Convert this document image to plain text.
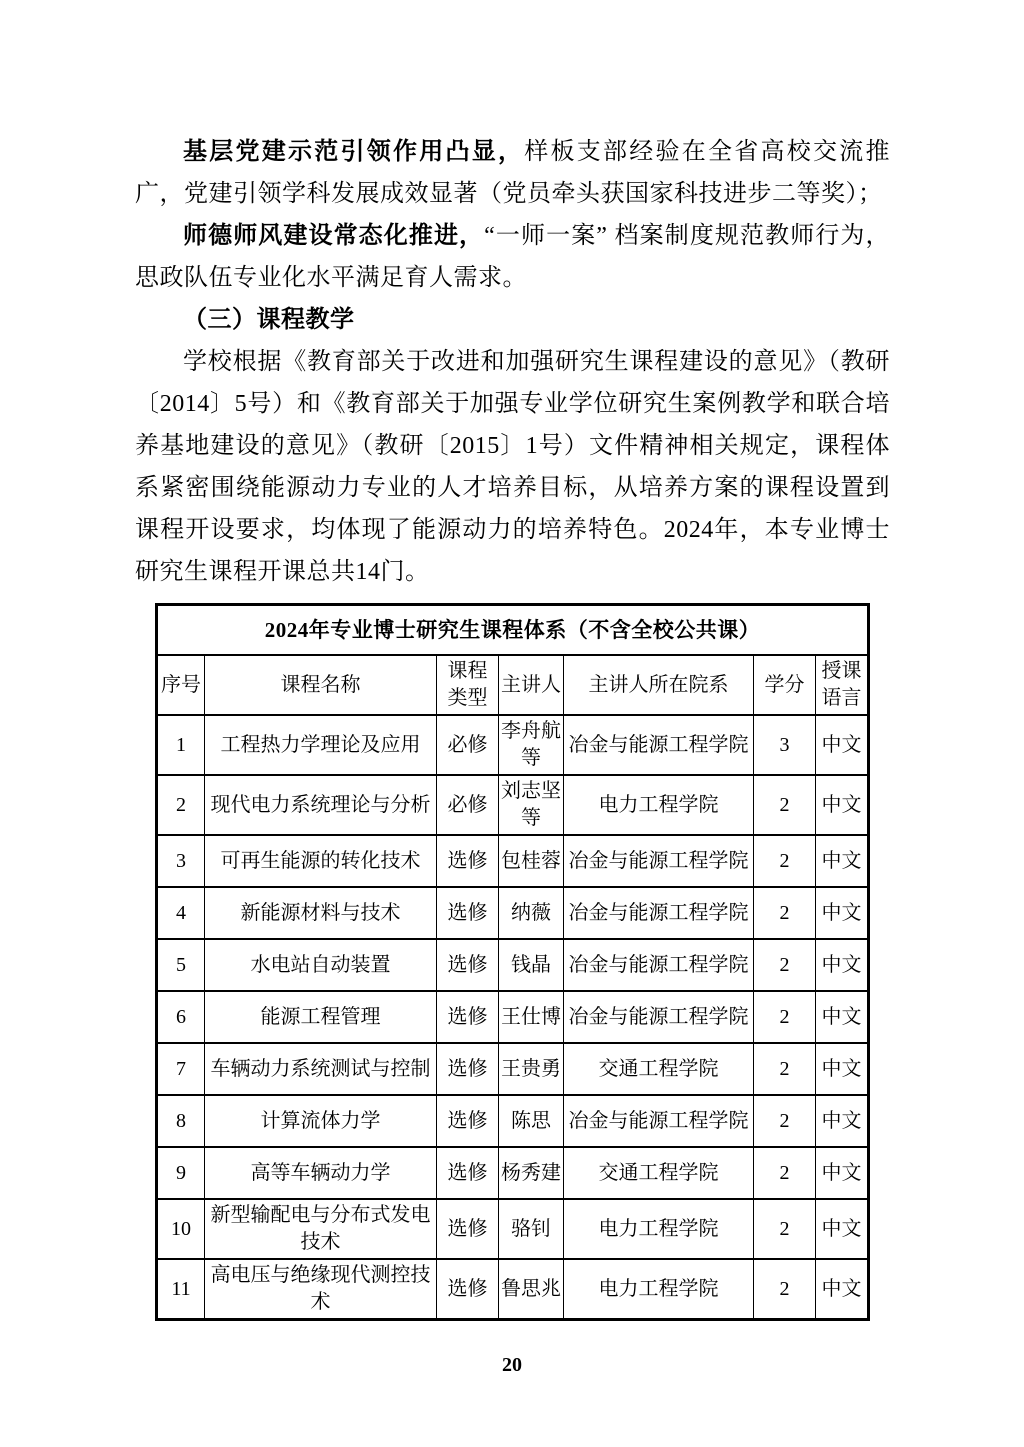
基层党建示范引领作用凸显，样板支部经验在全省高校交流推广，党建引领学科发展成效显著（党员牵头获国家科技进步二等奖）；

师德师风建设常态化推进，“一师一案” 档案制度规范教师行为，思政队伍专业化水平满足育人需求。

（三）课程教学

学校根据《教育部关于改进和加强研究生课程建设的意见》（教研〔2014〕5号）和《教育部关于加强专业学位研究生案例教学和联合培养基地建设的意见》（教研〔2015〕1号）文件精神相关规定，课程体系紧密围绕能源动力专业的人才培养目标，从培养方案的课程设置到课程开设要求，均体现了能源动力的培养特色。2024年，本专业博士研究生课程开课总共14门。

2024年专业博士研究生课程体系（不含全校公共课）						
序号	课程名称	课程类型	主讲人	主讲人所在院系	学分	授课语言
1	工程热力学理论及应用	必修	李舟航等	冶金与能源工程学院	3	中文
2	现代电力系统理论与分析	必修	刘志坚等	电力工程学院	2	中文
3	可再生能源的转化技术	选修	包桂蓉	冶金与能源工程学院	2	中文
4	新能源材料与技术	选修	纳薇	冶金与能源工程学院	2	中文
5	水电站自动装置	选修	钱晶	冶金与能源工程学院	2	中文
6	能源工程管理	选修	王仕博	冶金与能源工程学院	2	中文
7	车辆动力系统测试与控制	选修	王贵勇	交通工程学院	2	中文
8	计算流体力学	选修	陈思	冶金与能源工程学院	2	中文
9	高等车辆动力学	选修	杨秀建	交通工程学院	2	中文
10	新型输配电与分布式发电技术	选修	骆钊	电力工程学院	2	中文
11	高电压与绝缘现代测控技术	选修	鲁思兆	电力工程学院	2	中文
20
